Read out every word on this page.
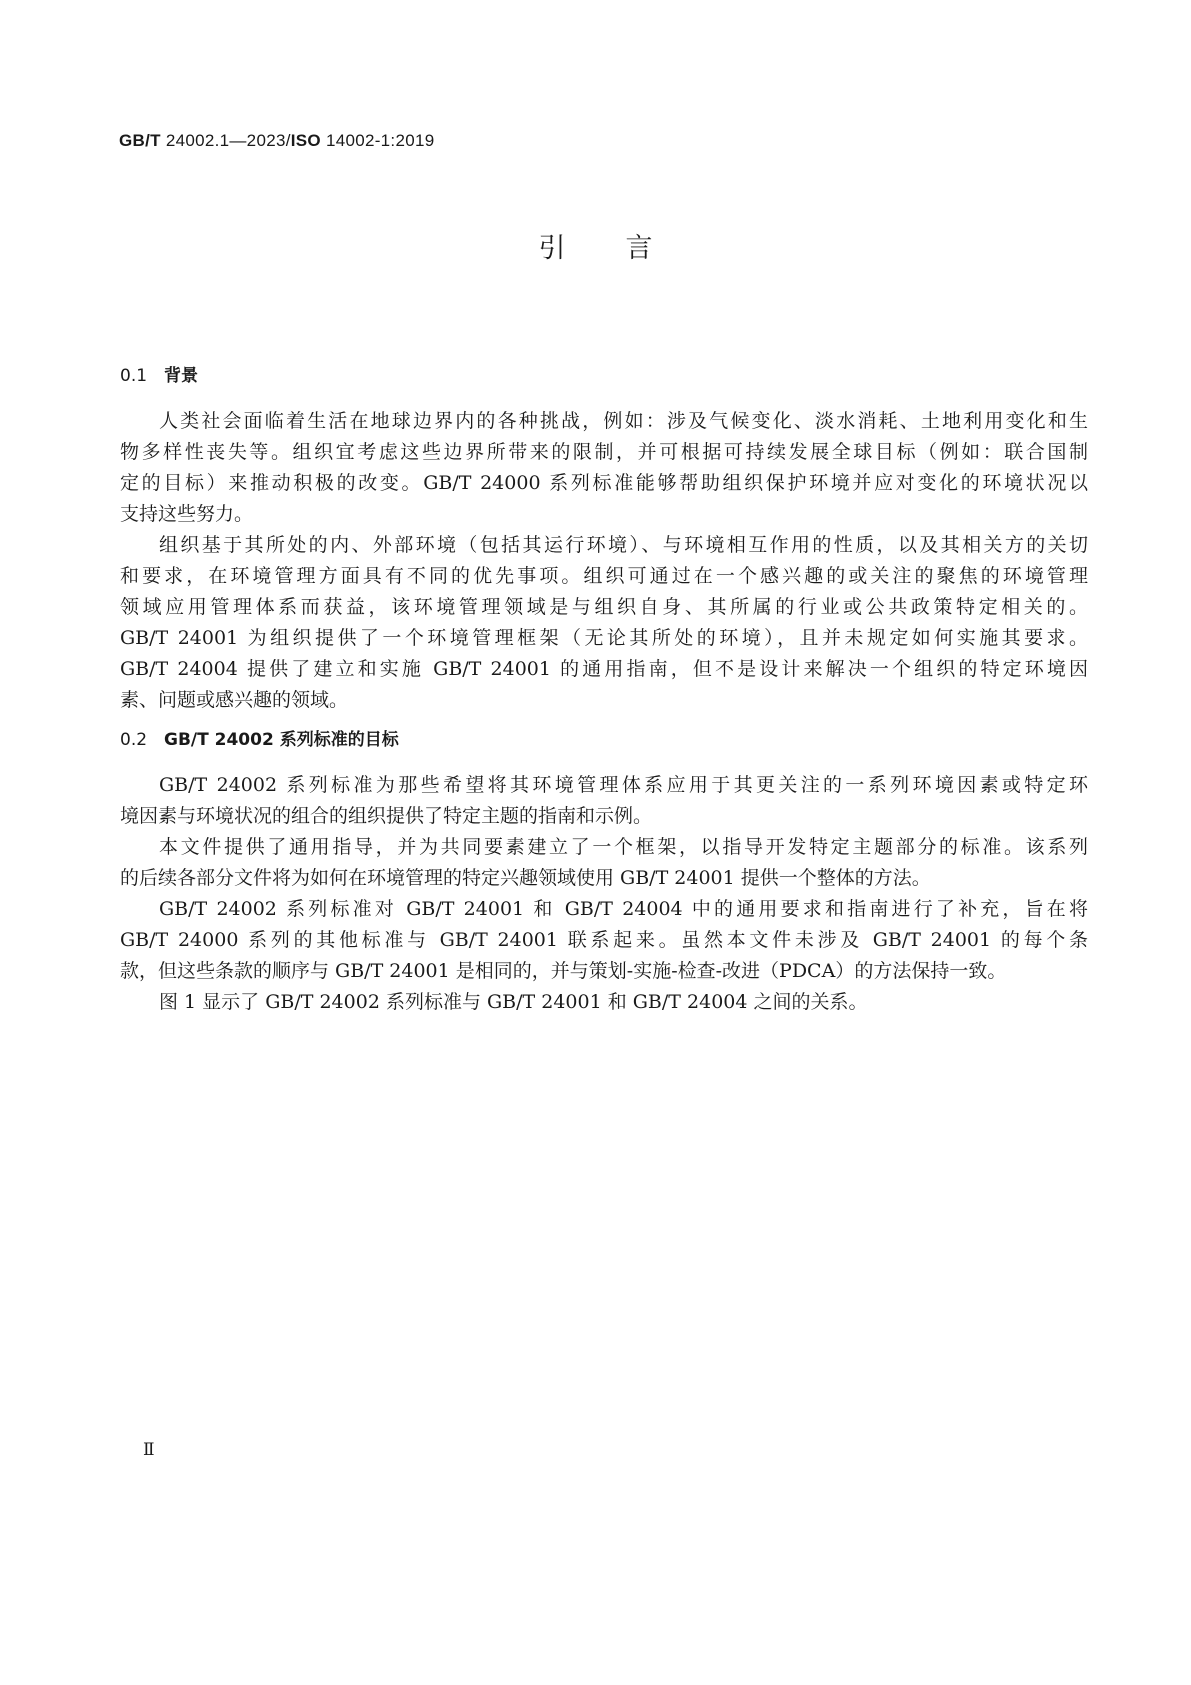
GB/T 24002.1—2023/ISO 14002-1:2019
引言
0.1 背景
人类社会面临着生活在地球边界内的各种挑战，例如：涉及气候变化、淡水消耗、土地利用变化和生
物多样性丧失等。组织宜考虑这些边界所带来的限制，并可根据可持续发展全球目标（例如：联合国制
定的目标）来推动积极的改变。GB/T 24000 系列标准能够帮助组织保护环境并应对变化的环境状况以
支持这些努力。
组织基于其所处的内、外部环境（包括其运行环境）、与环境相互作用的性质，以及其相关方的关切
和要求，在环境管理方面具有不同的优先事项。组织可通过在一个感兴趣的或关注的聚焦的环境管理
领域应用管理体系而获益，该环境管理领域是与组织自身、其所属的行业或公共政策特定相关的。
GB/T 24001 为组织提供了一个环境管理框架（无论其所处的环境），且并未规定如何实施其要求。
GB/T 24004 提供了建立和实施 GB/T 24001 的通用指南，但不是设计来解决一个组织的特定环境因
素、问题或感兴趣的领域。
0.2 GB/T 24002 系列标准的目标
GB/T 24002 系列标准为那些希望将其环境管理体系应用于其更关注的一系列环境因素或特定环
境因素与环境状况的组合的组织提供了特定主题的指南和示例。
本文件提供了通用指导，并为共同要素建立了一个框架，以指导开发特定主题部分的标准。该系列
的后续各部分文件将为如何在环境管理的特定兴趣领域使用 GB/T 24001 提供一个整体的方法。
GB/T 24002 系列标准对 GB/T 24001 和 GB/T 24004 中的通用要求和指南进行了补充，旨在将
GB/T 24000 系列的其他标准与 GB/T 24001 联系起来。虽然本文件未涉及 GB/T 24001 的每个条
款，但这些条款的顺序与 GB/T 24001 是相同的，并与策划-实施-检查-改进（PDCA）的方法保持一致。
图 1 显示了 GB/T 24002 系列标准与 GB/T 24001 和 GB/T 24004 之间的关系。
Ⅱ
